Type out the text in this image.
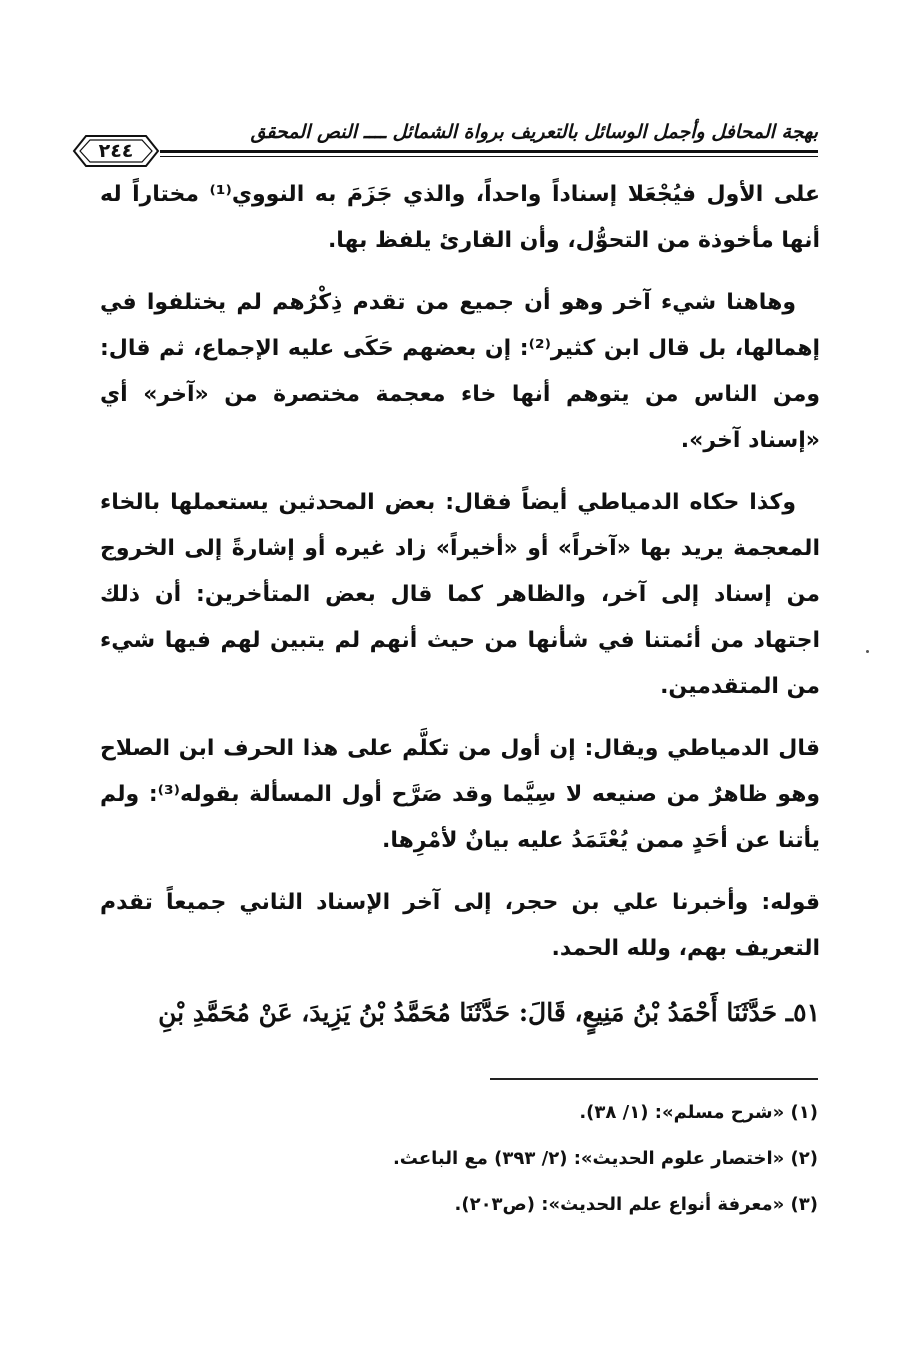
بهجة المحافل وأجمل الوسائل بالتعريف برواة الشمائل ــــ النص المحقق
٢٤٤

على الأول فيُجْعَلا إسناداً واحداً، والذي جَزَمَ به النووي⁽¹⁾ مختاراً له أنها مأخوذة من التحوُّل، وأن القارئ يلفظ بها.

وهاهنا شيء آخر وهو أن جميع من تقدم ذِكْرُهم لم يختلفوا في إهمالها، بل قال ابن كثير⁽²⁾: إن بعضهم حَكَى عليه الإجماع، ثم قال: ومن الناس من يتوهم أنها خاء معجمة مختصرة من «آخر» أي «إسناد آخر».

وكذا حكاه الدمياطي أيضاً فقال: بعض المحدثين يستعملها بالخاء المعجمة يريد بها «آخراً» أو «أخيراً» زاد غيره أو إشارةً إلى الخروج من إسناد إلى آخر، والظاهر كما قال بعض المتأخرين: أن ذلك اجتهاد من أئمتنا في شأنها من حيث أنهم لم يتبين لهم فيها شيء من المتقدمين.

قال الدمياطي ويقال: إن أول من تكلَّم على هذا الحرف ابن الصلاح وهو ظاهرٌ من صنيعه لا سِيَّما وقد صَرَّح أول المسألة بقوله⁽³⁾: ولم يأتنا عن أحَدٍ ممن يُعْتَمَدُ عليه بيانٌ لأمْرِها.

قوله: وأخبرنا علي بن حجر، إلى آخر الإسناد الثاني جميعاً تقدم التعريف بهم، ولله الحمد.

٥١ـ حَدَّثَنَا أَحْمَدُ بْنُ مَنِيعٍ، قَالَ: حَدَّثَنَا مُحَمَّدُ بْنُ يَزِيدَ، عَنْ مُحَمَّدِ بْنِ

(١) «شرح مسلم»: (١/ ٣٨).
(٢) «اختصار علوم الحديث»: (٢/ ٣٩٣) مع الباعث.
(٣) «معرفة أنواع علم الحديث»: (ص٢٠٣).
